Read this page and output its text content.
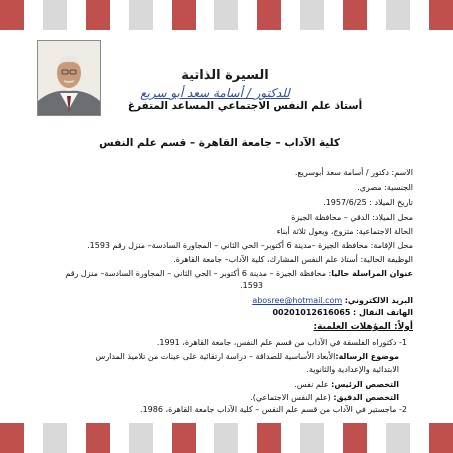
السيرة الذاتية
للدكتور / أسامة سعد أبو سريع
أستاذ علم النفس الاجتماعي المساعد المتفرغ
كلية الآداب – جامعة القاهرة – قسم علم النفس
الاسم: دكتور / أسامة سعد أبوسريع.
الجنسية: مصري.
تاريخ الميلاد : 1957/6/25.
محل الميلاد: الدقي – محافظة الجيزة
الحالة الاجتماعية: متزوج، ويعول ثلاثة أبناء
محل الإقامة: محافظة الجيزة –مدينة 6 أكتوبر– الحي الثاني – المجاورة السادسة– منزل رقم 1593.
الوظيفة الحالية: أستاذ علم النفس المشارك، كلية الآداب– جامعة القاهرة.
عنوان المراسلة حاليا: محافظة الجيزة – مدينة 6 أكتوبر – الحي الثاني – المجاورة السادسة– منزل رقم
1593.
البريد الالكتروني: abosree@hotmail.com
الهاتف النقال : 00201012616065
أولاً: المؤهلات العلمية:
1- دكتوراه الفلسفة في الآداب من قسم علم النفس، جامعة القاهرة، 1991.
موضوع الرسالة:الأبعاد الأساسية للصداقة – دراسة ارتقائية على عينات من تلاميذ المدارس
الابتدائية والإعدادية والثانوية.
التخصص الرئيس: علم نفس.
التخصص الدقيق: (علم النفس الاجتماعي).
2- ماجستير في الآداب من قسم علم النفس – كلية الآداب جامعة القاهرة، 1986.
